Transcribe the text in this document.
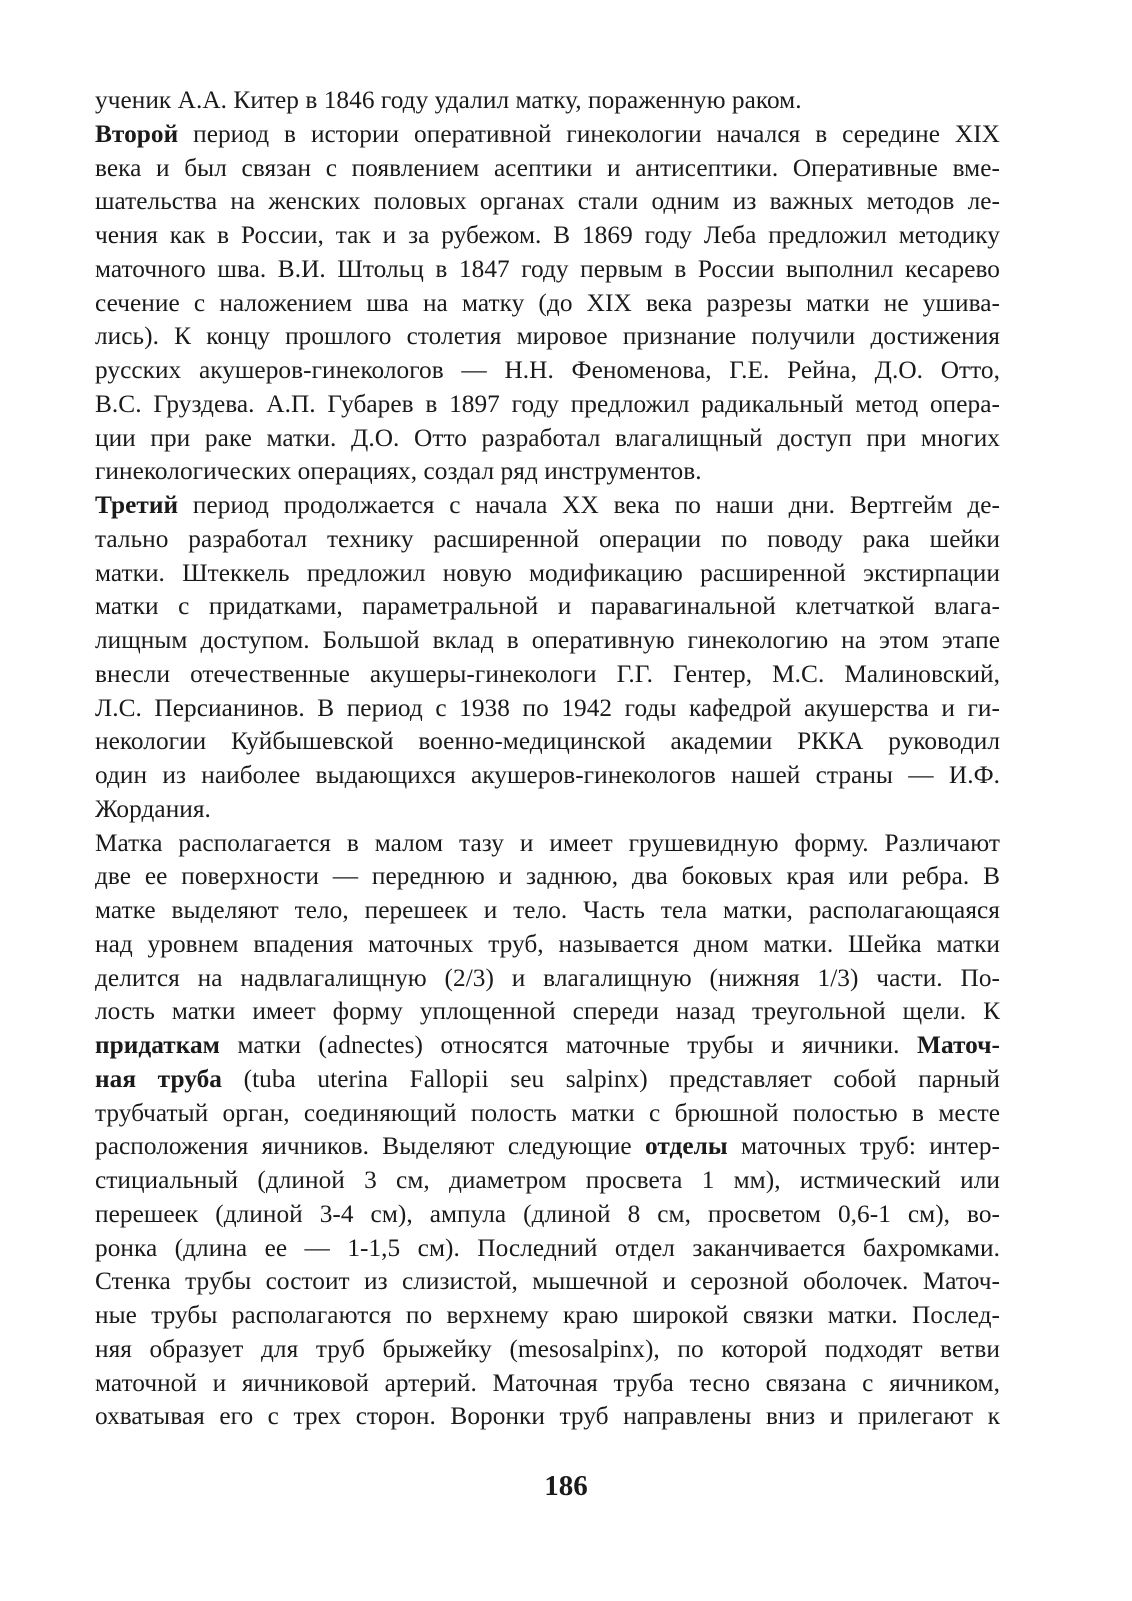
ученик А.А. Китер в 1846 году удалил матку, пораженную раком.

Второй период в истории оперативной гинекологии начался в середине XIX
века и был связан с появлением асептики и антисептики. Оперативные вме-
шательства на женских половых органах стали одним из важных методов ле-
чения как в России, так и за рубежом. В 1869 году Леба предложил методику
маточного шва. В.И. Штольц в 1847 году первым в России выполнил кесарево
сечение с наложением шва на матку (до XIX века разрезы матки не ушива-
лись). К концу прошлого столетия мировое признание получили достижения
русских акушеров-гинекологов — Н.Н. Феноменова, Г.Е. Рейна, Д.О. Отто,
В.С. Груздева. А.П. Губарев в 1897 году предложил радикальный метод опера-
ции при раке матки. Д.О. Отто разработал влагалищный доступ при многих
гинекологических операциях, создал ряд инструментов.

Третий период продолжается с начала XX века по наши дни. Вертгейм де-
тально разработал технику расширенной операции по поводу рака шейки
матки. Штеккель предложил новую модификацию расширенной экстирпации
матки с придатками, параметральной и паравагинальной клетчаткой влага-
лищным доступом. Большой вклад в оперативную гинекологию на этом этапе
внесли отечественные акушеры-гинекологи Г.Г. Гентер, М.С. Малиновский,
Л.С. Персианинов. В период с 1938 по 1942 годы кафедрой акушерства и ги-
некологии Куйбышевской военно-медицинской академии РККА руководил
один из наиболее выдающихся акушеров-гинекологов нашей страны — И.Ф.
Жордания.

Матка располагается в малом тазу и имеет грушевидную форму. Различают
две ее поверхности — переднюю и заднюю, два боковых края или ребра. В
матке выделяют тело, перешеек и тело. Часть тела матки, располагающаяся
над уровнем впадения маточных труб, называется дном матки. Шейка матки
делится на надвлагалищную (2/3) и влагалищную (нижняя 1/3) части. По-
лость матки имеет форму уплощенной спереди назад треугольной щели. К
придаткам матки (adnectes) относятся маточные трубы и яичники. Маточ-
ная труба (tuba uterina Fallopii seu salpinx) представляет собой парный
трубчатый орган, соединяющий полость матки с брюшной полостью в месте
расположения яичников. Выделяют следующие отделы маточных труб: интер-
стициальный (длиной 3 см, диаметром просвета 1 мм), истмический или
перешеек (длиной 3-4 см), ампула (длиной 8 см, просветом 0,6-1 см), во-
ронка (длина ее — 1-1,5 см). Последний отдел заканчивается бахромками.
Стенка трубы состоит из слизистой, мышечной и серозной оболочек. Маточ-
ные трубы располагаются по верхнему краю широкой связки матки. Послед-
няя образует для труб брыжейку (mesosalpinx), по которой подходят ветви
маточной и яичниковой артерий. Маточная труба тесно связана с яичником,
охватывая его с трех сторон. Воронки труб направлены вниз и прилегают к

186
